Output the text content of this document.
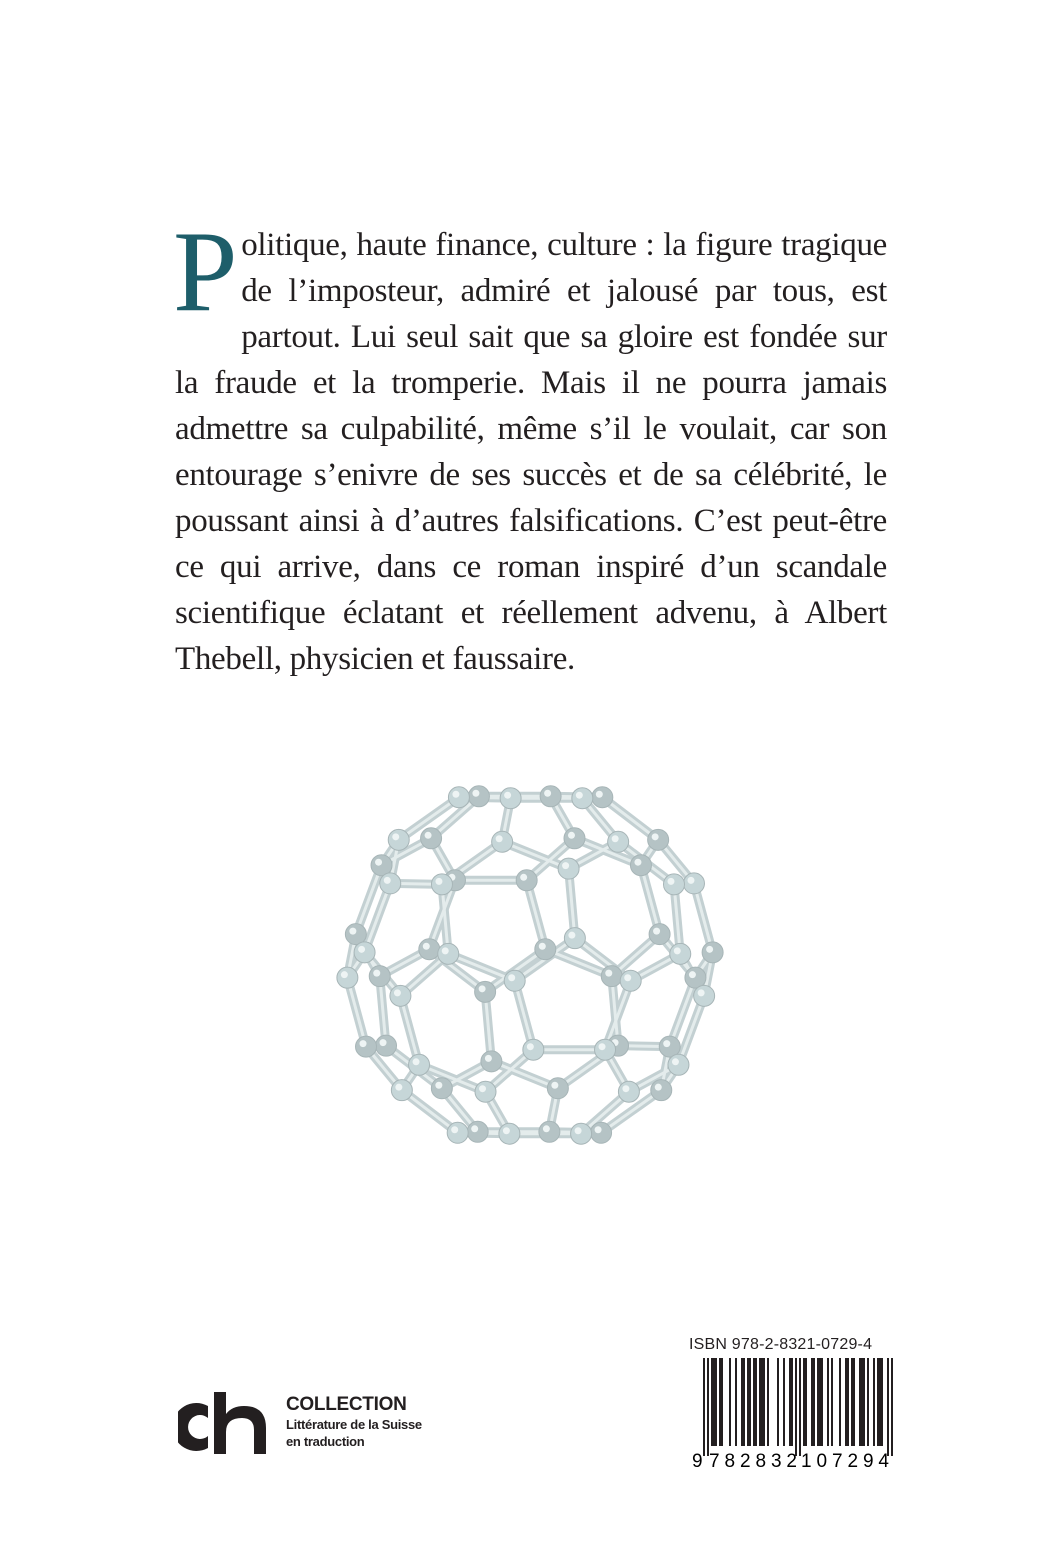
Politique, haute finance, culture : la figure tragique de l’imposteur, admiré et jalousé par tous, est partout. Lui seul sait que sa gloire est fondée sur la fraude et la tromperie. Mais il ne pourra jamais admettre sa culpabilité, même s’il le voulait, car son entourage s’enivre de ses succès et de sa célébrité, le poussant ainsi à d’autres falsifications. C’est peut-être ce qui arrive, dans ce roman inspiré d’un scandale scientifique éclatant et réellement advenu, à Albert Thebell, physicien et faussaire.

COLLECTION
Littérature de la Suisse
en traduction
ISBN 978-2-8321-0729-4
9 782832 107294
